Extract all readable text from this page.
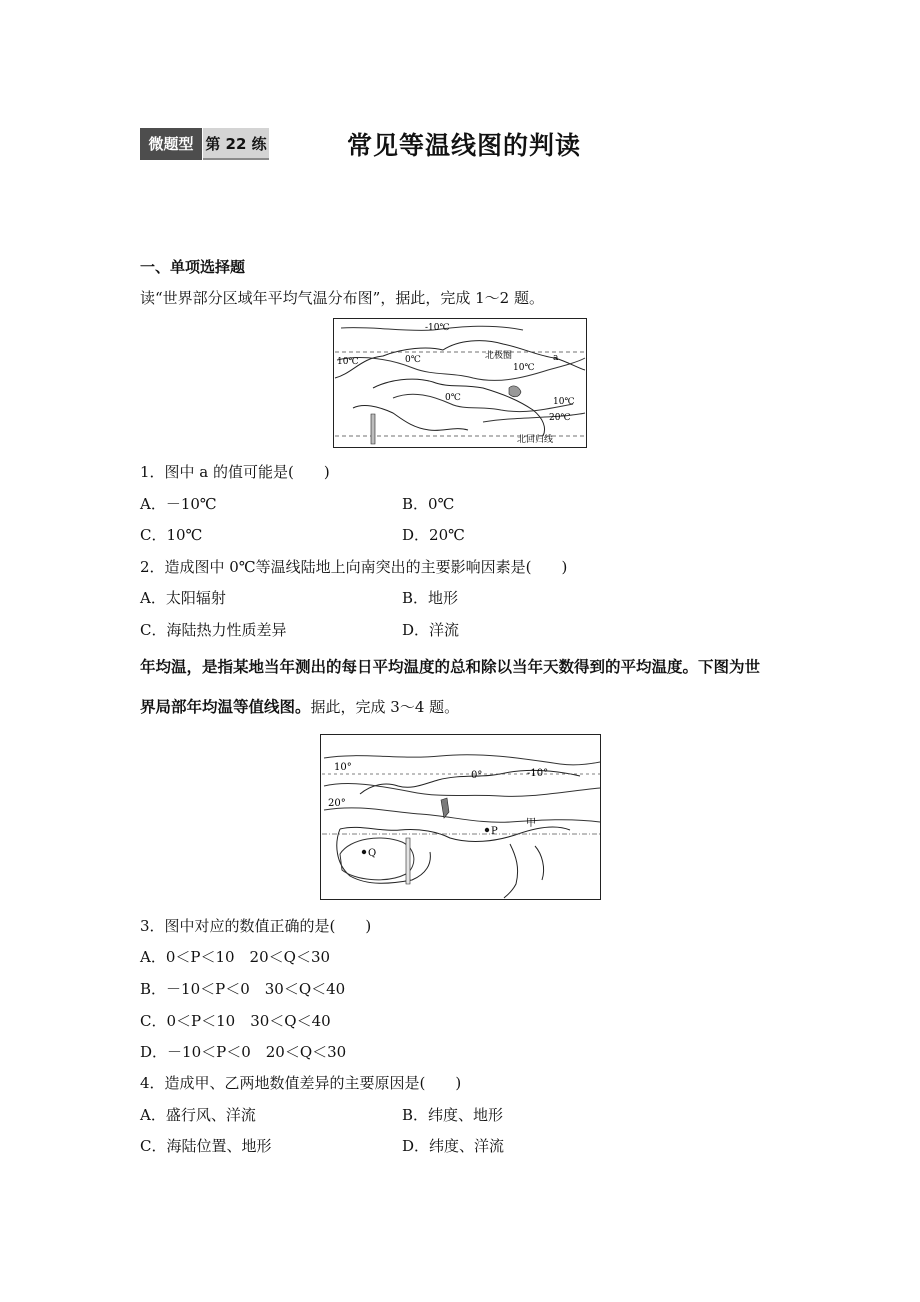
微题型 第 22 练	常见等温线图的判读
一、单项选择题
读“世界部分区域年平均气温分布图”，据此，完成 1～2 题。
-10℃
0℃
10℃
北极圈
10℃
a
0℃	10℃
20℃
北回归线
1．图中 a 的值可能是(　　)
A．－10℃	B．0℃
C．10℃	D．20℃
2．造成图中 0℃等温线陆地上向南突出的主要影响因素是(　　)
A．太阳辐射	B．地形
C．海陆热力性质差异	D．洋流
年均温，是指某地当年测出的每日平均温度的总和除以当年天数得到的平均温度。下图为世
界局部年均温等值线图。据此，完成 3～4 题。
10°
0°	-10°
20°
甲
P
Q
3．图中对应的数值正确的是(　　)
A．0＜P＜10　20＜Q＜30
B．－10＜P＜0　30＜Q＜40
C．0＜P＜10　30＜Q＜40
D．－10＜P＜0　20＜Q＜30
4．造成甲、乙两地数值差异的主要原因是(　　)
A．盛行风、洋流	B．纬度、地形
C．海陆位置、地形	D．纬度、洋流
